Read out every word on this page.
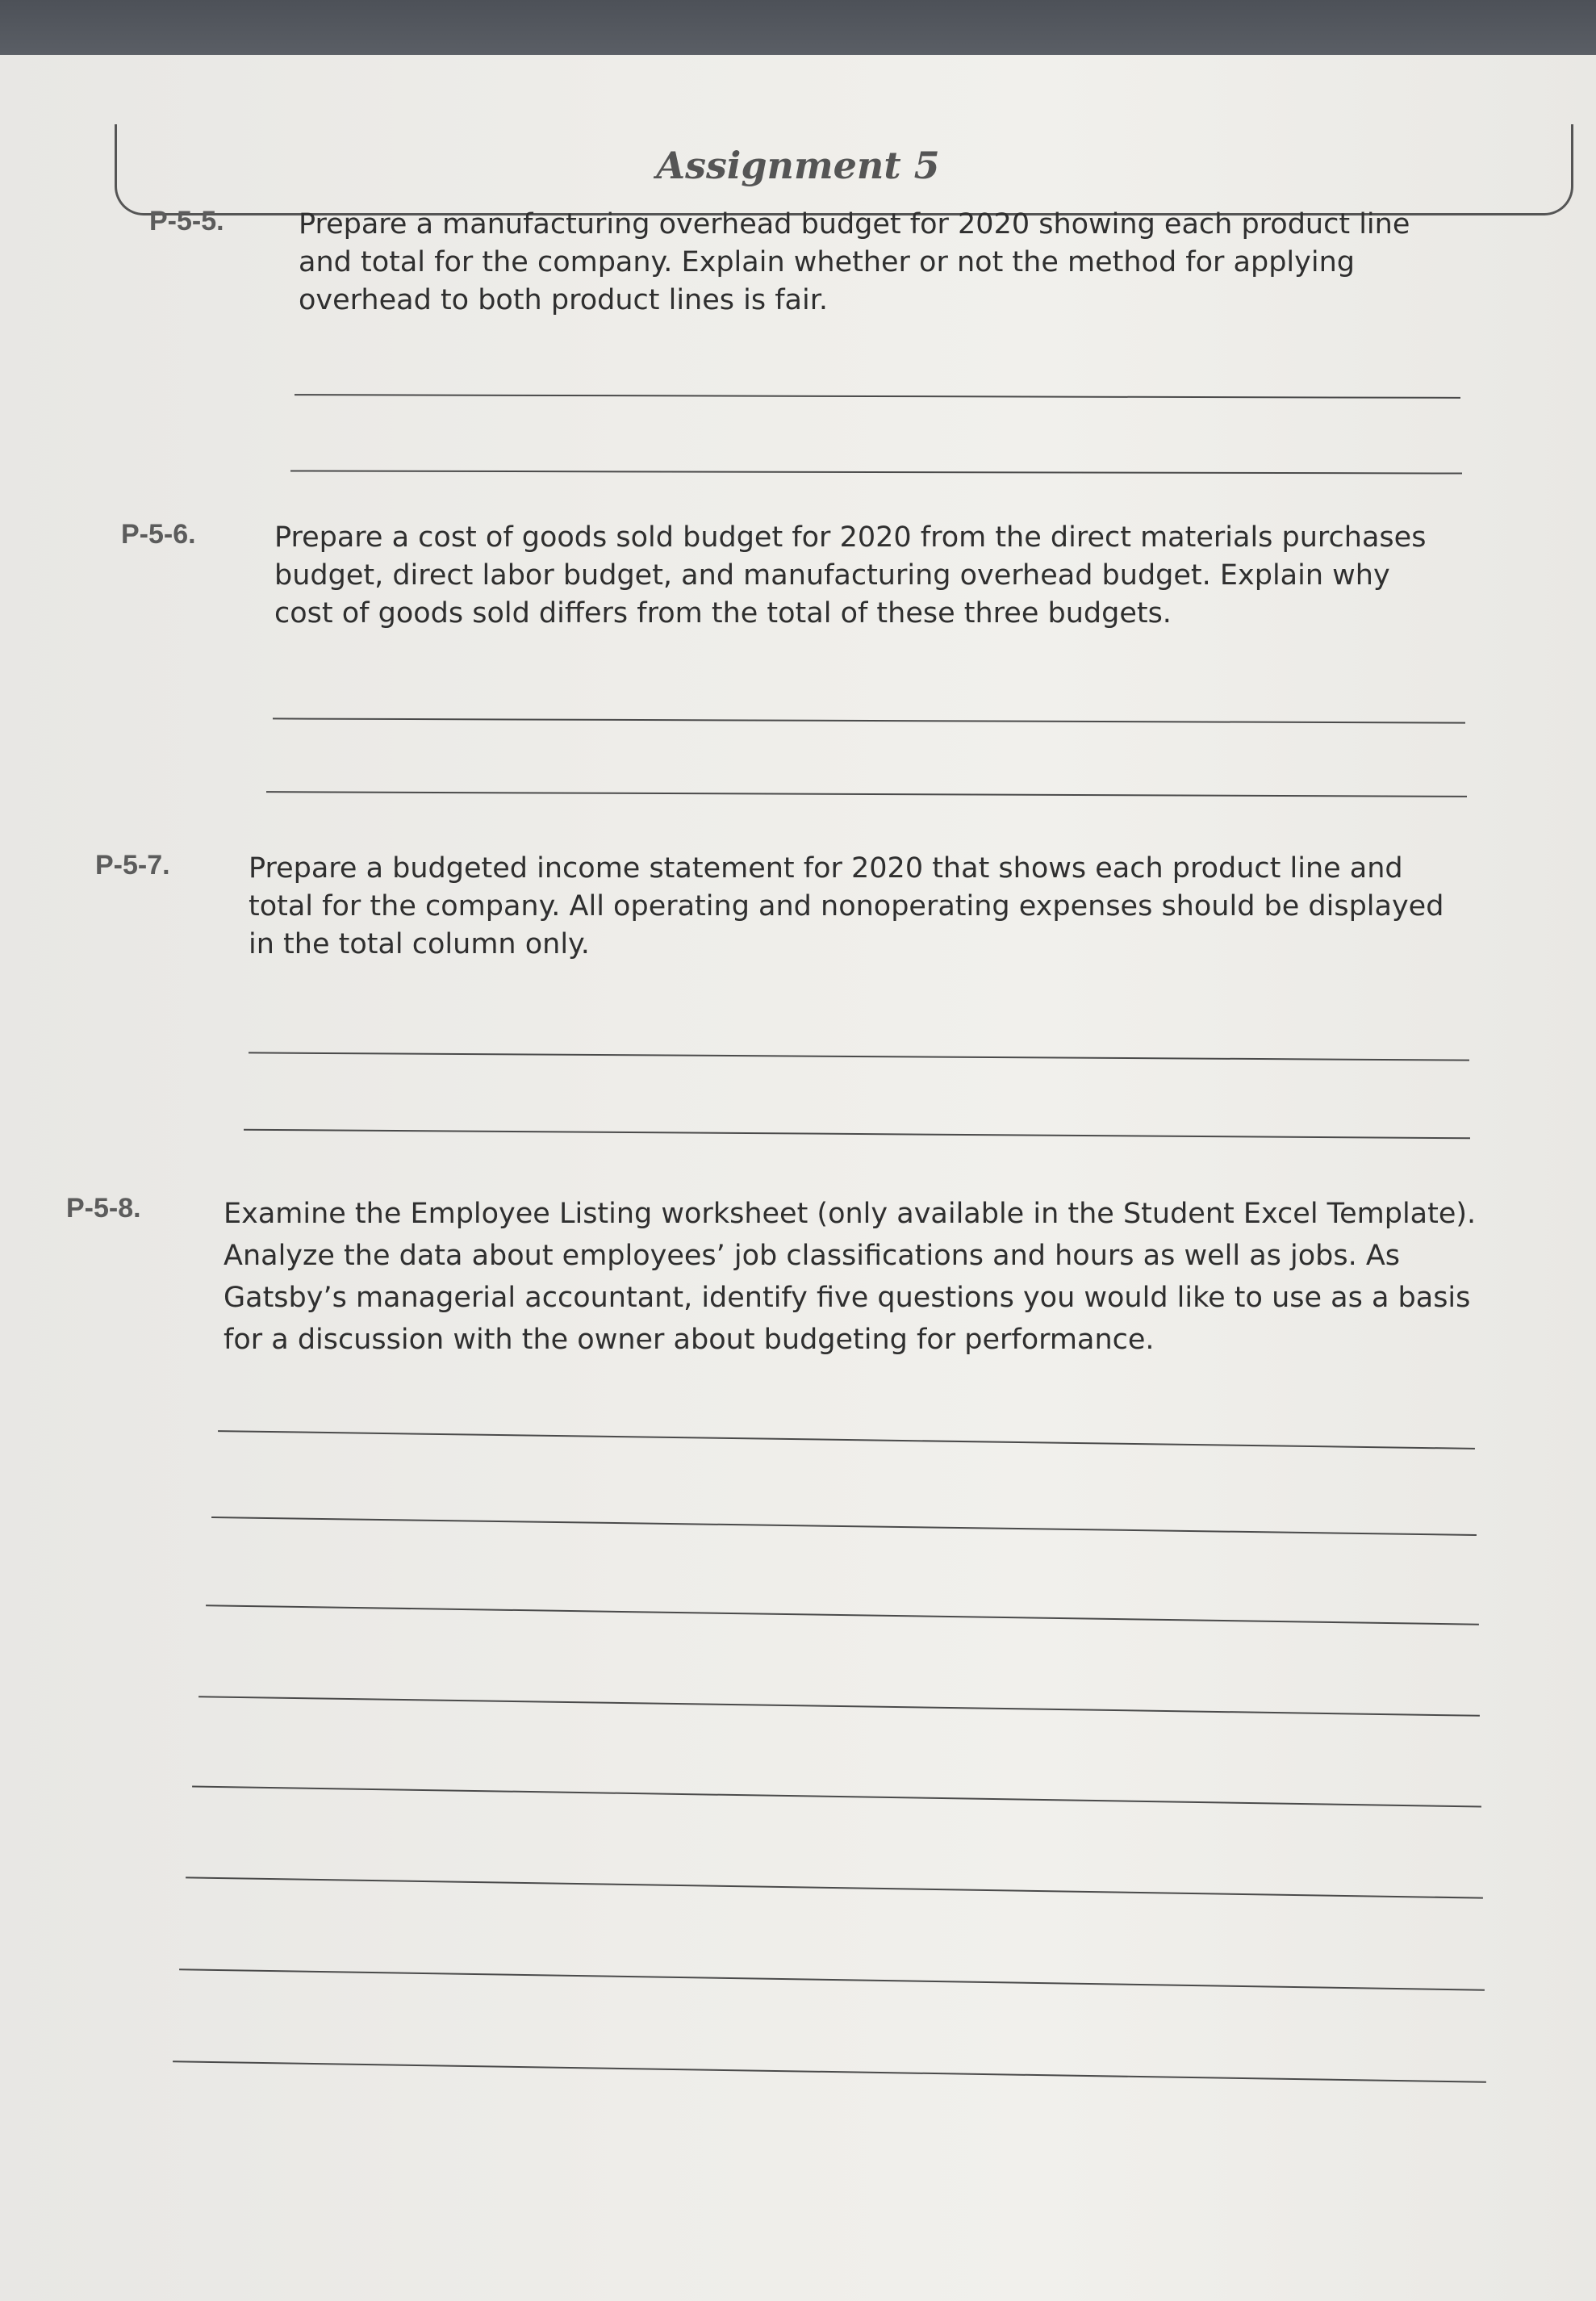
Assignment 5
P-5-5.	Prepare a manufacturing overhead budget for 2020 showing each product line and total for the company. Explain whether or not the method for applying overhead to both product lines is fair.
P-5-6.	Prepare a cost of goods sold budget for 2020 from the direct materials purchases budget, direct labor budget, and manufacturing overhead budget. Explain why cost of goods sold differs from the total of these three budgets.
P-5-7.	Prepare a budgeted income statement for 2020 that shows each product line and total for the company. All operating and nonoperating expenses should be displayed in the total column only.
P-5-8.	Examine the Employee Listing worksheet (only available in the Student Excel Template). Analyze the data about employees’ job classifications and hours as well as jobs. As Gatsby’s managerial accountant, identify five questions you would like to use as a basis for a discussion with the owner about budgeting for performance.
